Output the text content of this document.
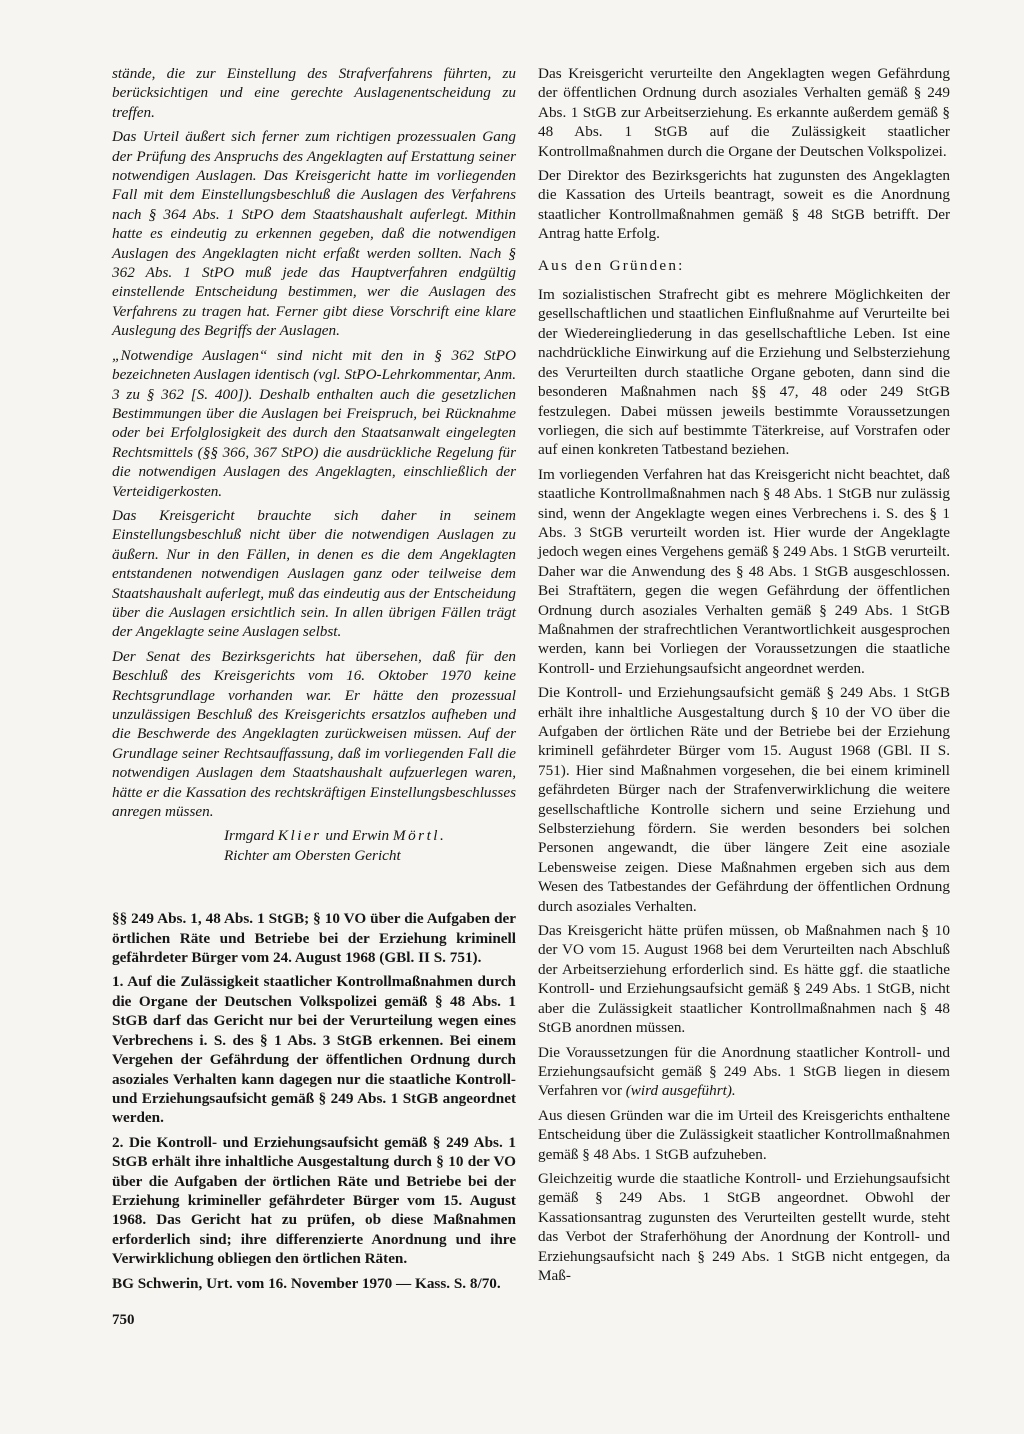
stände, die zur Einstellung des Strafverfahrens führten, zu berücksichtigen und eine gerechte Auslagenentscheidung zu treffen.

Das Urteil äußert sich ferner zum richtigen prozessualen Gang der Prüfung des Anspruchs des Angeklagten auf Erstattung seiner notwendigen Auslagen. Das Kreisgericht hatte im vorliegenden Fall mit dem Einstellungsbeschluß die Auslagen des Verfahrens nach § 364 Abs. 1 StPO dem Staatshaushalt auferlegt. Mithin hatte es eindeutig zu erkennen gegeben, daß die notwendigen Auslagen des Angeklagten nicht erfaßt werden sollten. Nach § 362 Abs. 1 StPO muß jede das Hauptverfahren endgültig einstellende Entscheidung bestimmen, wer die Auslagen des Verfahrens zu tragen hat. Ferner gibt diese Vorschrift eine klare Auslegung des Begriffs der Auslagen.

„Notwendige Auslagen“ sind nicht mit den in § 362 StPO bezeichneten Auslagen identisch (vgl. StPO-Lehrkommentar, Anm. 3 zu § 362 [S. 400]). Deshalb enthalten auch die gesetzlichen Bestimmungen über die Auslagen bei Freispruch, bei Rücknahme oder bei Erfolglosigkeit des durch den Staatsanwalt eingelegten Rechtsmittels (§§ 366, 367 StPO) die ausdrückliche Regelung für die notwendigen Auslagen des Angeklagten, einschließlich der Verteidigerkosten.

Das Kreisgericht brauchte sich daher in seinem Einstellungsbeschluß nicht über die notwendigen Auslagen zu äußern. Nur in den Fällen, in denen es die dem Angeklagten entstandenen notwendigen Auslagen ganz oder teilweise dem Staatshaushalt auferlegt, muß das eindeutig aus der Entscheidung über die Auslagen ersichtlich sein. In allen übrigen Fällen trägt der Angeklagte seine Auslagen selbst.

Der Senat des Bezirksgerichts hat übersehen, daß für den Beschluß des Kreisgerichts vom 16. Oktober 1970 keine Rechtsgrundlage vorhanden war. Er hätte den prozessual unzulässigen Beschluß des Kreisgerichts ersatzlos aufheben und die Beschwerde des Angeklagten zurückweisen müssen. Auf der Grundlage seiner Rechtsauffassung, daß im vorliegenden Fall die notwendigen Auslagen dem Staatshaushalt aufzuerlegen waren, hätte er die Kassation des rechtskräftigen Einstellungsbeschlusses anregen müssen.

Irmgard Klier und Erwin Mörtl.
Richter am Obersten Gericht

§§ 249 Abs. 1, 48 Abs. 1 StGB; § 10 VO über die Aufgaben der örtlichen Räte und Betriebe bei der Erziehung kriminell gefährdeter Bürger vom 24. August 1968 (GBl. II S. 751).

1. Auf die Zulässigkeit staatlicher Kontrollmaßnahmen durch die Organe der Deutschen Volkspolizei gemäß § 48 Abs. 1 StGB darf das Gericht nur bei der Verurteilung wegen eines Verbrechens i. S. des § 1 Abs. 3 StGB erkennen. Bei einem Vergehen der Gefährdung der öffentlichen Ordnung durch asoziales Verhalten kann dagegen nur die staatliche Kontroll- und Erziehungsaufsicht gemäß § 249 Abs. 1 StGB angeordnet werden.

2. Die Kontroll- und Erziehungsaufsicht gemäß § 249 Abs. 1 StGB erhält ihre inhaltliche Ausgestaltung durch § 10 der VO über die Aufgaben der örtlichen Räte und Betriebe bei der Erziehung krimineller gefährdeter Bürger vom 15. August 1968. Das Gericht hat zu prüfen, ob diese Maßnahmen erforderlich sind; ihre differenzierte Anordnung und ihre Verwirklichung obliegen den örtlichen Räten.

BG Schwerin, Urt. vom 16. November 1970 — Kass. S. 8/70.

Das Kreisgericht verurteilte den Angeklagten wegen Gefährdung der öffentlichen Ordnung durch asoziales Verhalten gemäß § 249 Abs. 1 StGB zur Arbeitserziehung. Es erkannte außerdem gemäß § 48 Abs. 1 StGB auf die Zulässigkeit staatlicher Kontrollmaßnahmen durch die Organe der Deutschen Volkspolizei.

Der Direktor des Bezirksgerichts hat zugunsten des Angeklagten die Kassation des Urteils beantragt, soweit es die Anordnung staatlicher Kontrollmaßnahmen gemäß § 48 StGB betrifft. Der Antrag hatte Erfolg.

Aus den Gründen:

Im sozialistischen Strafrecht gibt es mehrere Möglichkeiten der gesellschaftlichen und staatlichen Einflußnahme auf Verurteilte bei der Wiedereingliederung in das gesellschaftliche Leben. Ist eine nachdrückliche Einwirkung auf die Erziehung und Selbsterziehung des Verurteilten durch staatliche Organe geboten, dann sind die besonderen Maßnahmen nach §§ 47, 48 oder 249 StGB festzulegen. Dabei müssen jeweils bestimmte Voraussetzungen vorliegen, die sich auf bestimmte Täterkreise, auf Vorstrafen oder auf einen konkreten Tatbestand beziehen.

Im vorliegenden Verfahren hat das Kreisgericht nicht beachtet, daß staatliche Kontrollmaßnahmen nach § 48 Abs. 1 StGB nur zulässig sind, wenn der Angeklagte wegen eines Verbrechens i. S. des § 1 Abs. 3 StGB verurteilt worden ist. Hier wurde der Angeklagte jedoch wegen eines Vergehens gemäß § 249 Abs. 1 StGB verurteilt. Daher war die Anwendung des § 48 Abs. 1 StGB ausgeschlossen. Bei Straftätern, gegen die wegen Gefährdung der öffentlichen Ordnung durch asoziales Verhalten gemäß § 249 Abs. 1 StGB Maßnahmen der strafrechtlichen Verantwortlichkeit ausgesprochen werden, kann bei Vorliegen der Voraussetzungen die staatliche Kontroll- und Erziehungsaufsicht angeordnet werden.

Die Kontroll- und Erziehungsaufsicht gemäß § 249 Abs. 1 StGB erhält ihre inhaltliche Ausgestaltung durch § 10 der VO über die Aufgaben der örtlichen Räte und der Betriebe bei der Erziehung kriminell gefährdeter Bürger vom 15. August 1968 (GBl. II S. 751). Hier sind Maßnahmen vorgesehen, die bei einem kriminell gefährdeten Bürger nach der Strafenverwirklichung die weitere gesellschaftliche Kontrolle sichern und seine Erziehung und Selbsterziehung fördern. Sie werden besonders bei solchen Personen angewandt, die über längere Zeit eine asoziale Lebensweise zeigen. Diese Maßnahmen ergeben sich aus dem Wesen des Tatbestandes der Gefährdung der öffentlichen Ordnung durch asoziales Verhalten.

Das Kreisgericht hätte prüfen müssen, ob Maßnahmen nach § 10 der VO vom 15. August 1968 bei dem Verurteilten nach Abschluß der Arbeitserziehung erforderlich sind. Es hätte ggf. die staatliche Kontroll- und Erziehungsaufsicht gemäß § 249 Abs. 1 StGB, nicht aber die Zulässigkeit staatlicher Kontrollmaßnahmen nach § 48 StGB anordnen müssen.

Die Voraussetzungen für die Anordnung staatlicher Kontroll- und Erziehungsaufsicht gemäß § 249 Abs. 1 StGB liegen in diesem Verfahren vor (wird ausgeführt).

Aus diesen Gründen war die im Urteil des Kreisgerichts enthaltene Entscheidung über die Zulässigkeit staatlicher Kontrollmaßnahmen gemäß § 48 Abs. 1 StGB aufzuheben.

Gleichzeitig wurde die staatliche Kontroll- und Erziehungsaufsicht gemäß § 249 Abs. 1 StGB angeordnet. Obwohl der Kassationsantrag zugunsten des Verurteilten gestellt wurde, steht das Verbot der Straferhöhung der Anordnung der Kontroll- und Erziehungsaufsicht nach § 249 Abs. 1 StGB nicht entgegen, da Maß-

750
